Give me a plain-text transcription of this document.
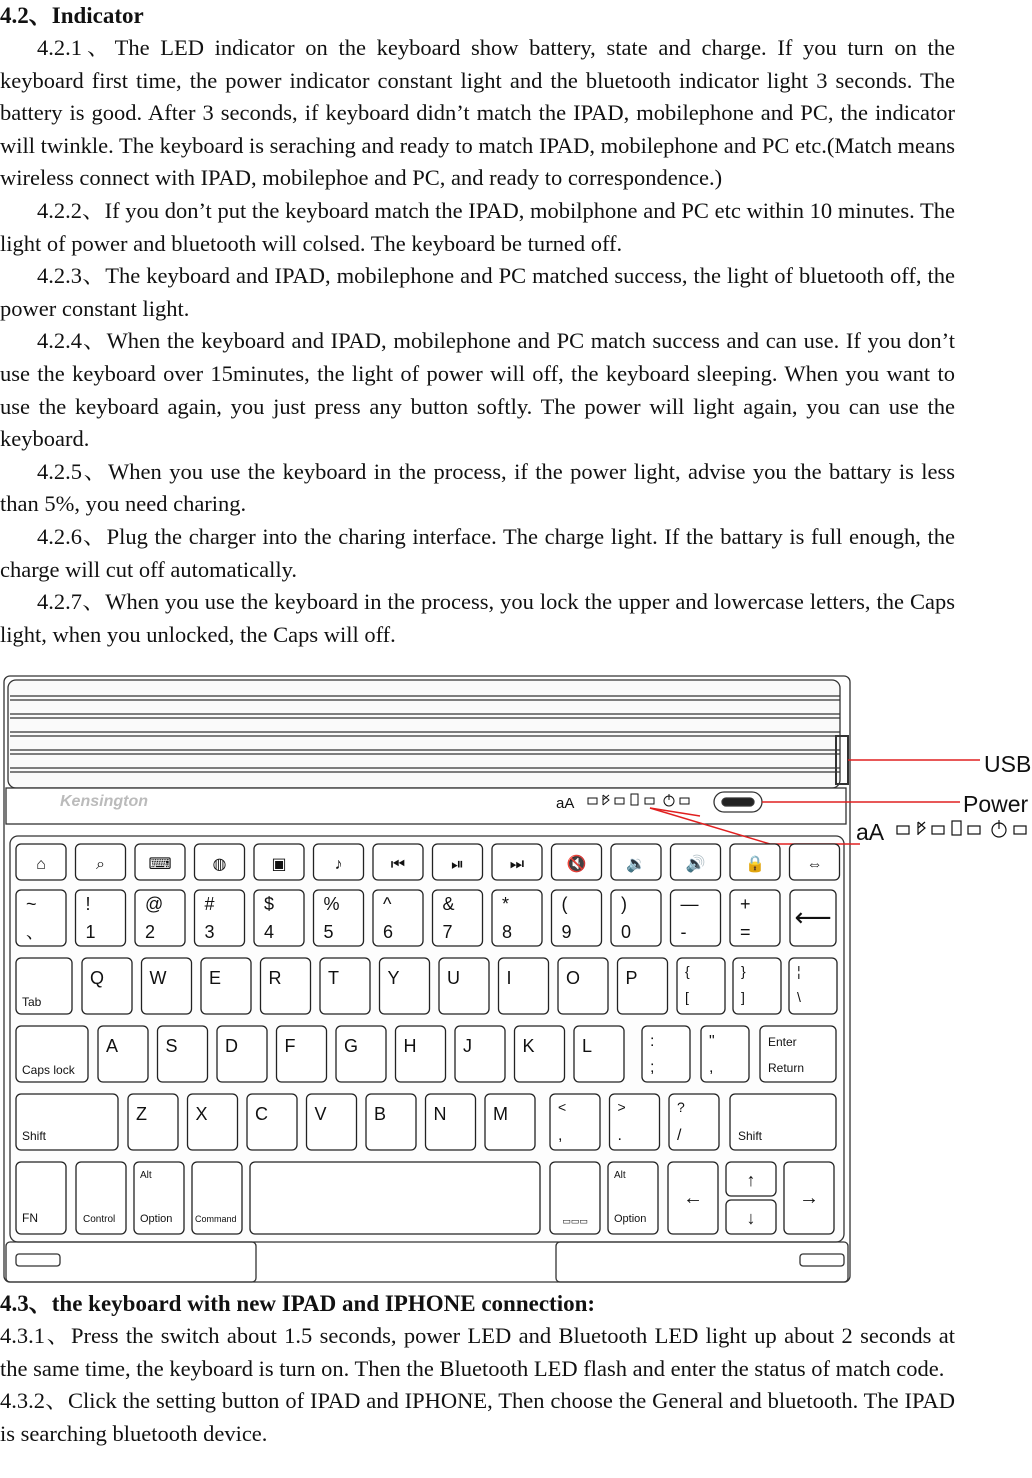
4.2、Indicator

4.2.1、The LED indicator on the keyboard show battery, state and charge. If you turn on the keyboard first time, the power indicator constant light and the bluetooth indicator light 3 seconds. The battery is good. After 3 seconds, if keyboard didn’t match the IPAD, mobilephone and PC, the indicator will twinkle. The keyboard is seraching and ready to match IPAD, mobilephone and PC etc.(Match means wireless connect with IPAD, mobilephoe and PC, and ready to correspondence.)

4.2.2、If you don’t put the keyboard match the IPAD, mobilphone and PC etc within 10 minutes. The light of power and bluetooth will colsed. The keyboard be turned off.

4.2.3、The keyboard and IPAD, mobilephone and PC matched success, the light of bluetooth off, the power constant light.

4.2.4、When the keyboard and IPAD, mobilephone and PC match success and can use. If you don’t use the keyboard over 15minutes, the light of power will off, the keyboard sleeping. When you want to use the keyboard again, you just press any button softly. The power will light again, you can use the keyboard.

4.2.5、When you use the keyboard in the process, if the power light, advise you the battary is less than 5%, you need charing.

4.2.6、Plug the charger into the charing interface. The charge light. If the battary is full enough, the charge will cut off automatically.

4.2.7、When you use the keyboard in the process, you lock the upper and lowercase letters, the Caps light, when you unlocked, the Caps will off.

Kensington	aA
USB
Power
aA
⌂	⌕	⌨	◍	▣	♪	⏮	⏯	⏭	🔇 🔉 🔊 🔒	⇔
~
、
!
1
@
2
#
3
$
4
%
5
^
6
&
7
*
8
(
9
)
0
—
-
+
= ⟵
Tab
Q	W E	R	T	Y	U	I	O	P	{
[
}
]
¦
\
Caps lock
A	S	D	F	G	H	J	K	L	:
;
"
,
Enter
Return
Shift
Z	X	C	V	B	N	M	<
,
>
.
?
/	Shift
FN	Control
Alt
Option	Command	▭▭▭
Alt
Option
←
↑
↓
→
4.3、the keyboard with new IPAD and IPHONE connection:

4.3.1、Press the switch about 1.5 seconds, power LED and Bluetooth LED light up about 2 seconds at the same time, the keyboard is turn on. Then the Bluetooth LED flash and enter the status of match code.

4.3.2、Click the setting button of IPAD and IPHONE, Then choose the General and bluetooth. The IPAD is searching bluetooth device.
